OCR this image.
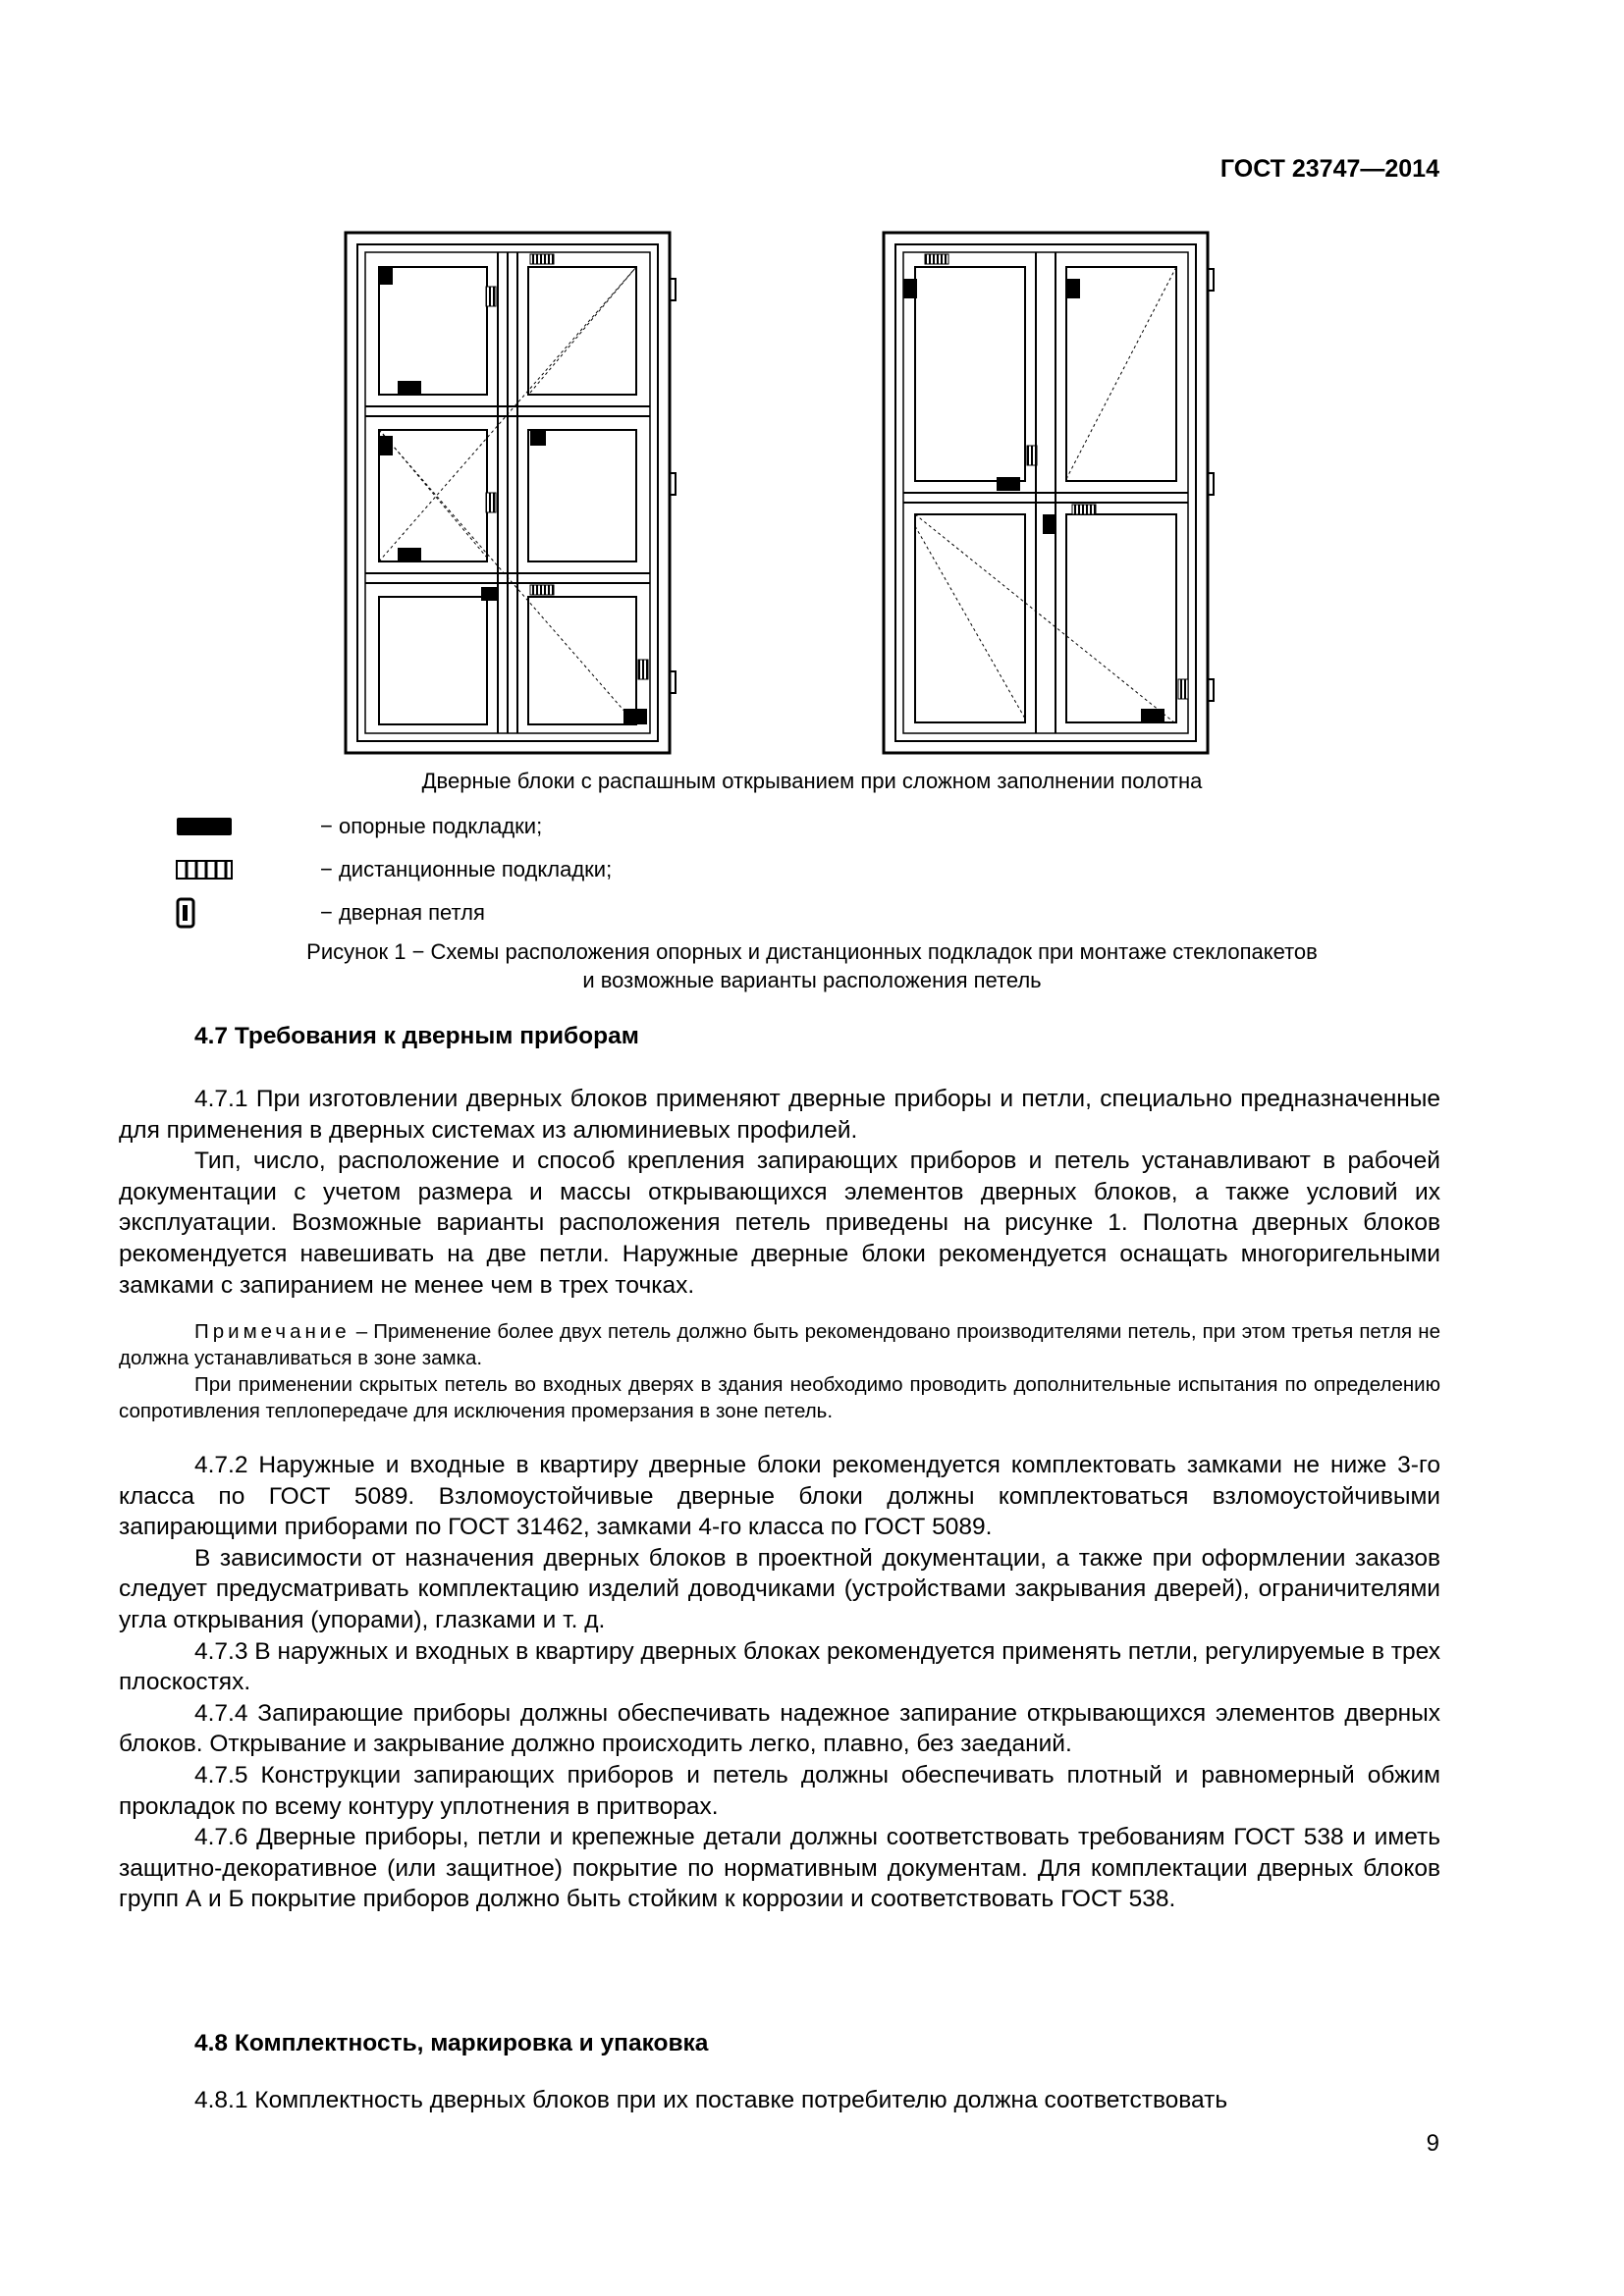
ГОСТ 23747—2014
Дверные блоки с распашным открыванием при сложном заполнении полотна
− опорные подкладки;
− дистанционные подкладки;
− дверная петля
Рисунок 1 − Схемы расположения опорных и дистанционных подкладок при монтаже стеклопакетов
и возможные варианты расположения петель

4.7 Требования к дверным приборам

4.7.1 При изготовлении дверных блоков применяют дверные приборы и петли, специально предназначенные для применения в дверных системах из алюминиевых профилей.

Тип, число, расположение и способ крепления запирающих приборов и петель устанавливают в рабочей документации с учетом размера и массы открывающихся элементов дверных блоков, а также условий их эксплуатации. Возможные варианты расположения петель приведены на рисунке 1. Полотна дверных блоков рекомендуется навешивать на две петли. Наружные дверные блоки рекомендуется оснащать многоригельными замками с запиранием не менее чем в трех точках.

Примечание – Применение более двух петель должно быть рекомендовано производителями петель, при этом третья петля не должна устанавливаться в зоне замка.

При применении скрытых петель во входных дверях в здания необходимо проводить дополнительные испытания по определению сопротивления теплопередаче для исключения промерзания в зоне петель.

4.7.2 Наружные и входные в квартиру дверные блоки рекомендуется комплектовать замками не ниже 3-го класса по ГОСТ 5089. Взломоустойчивые дверные блоки должны комплектоваться взломоустойчивыми запирающими приборами по ГОСТ 31462, замками 4-го класса по ГОСТ 5089.

В зависимости от назначения дверных блоков в проектной документации, а также при оформлении заказов следует предусматривать комплектацию изделий доводчиками (устройствами закрывания дверей), ограничителями угла открывания (упорами), глазками и т. д.

4.7.3 В наружных и входных в квартиру дверных блоках рекомендуется применять петли, регулируемые в трех плоскостях.

4.7.4 Запирающие приборы должны обеспечивать надежное запирание открывающихся элементов дверных блоков. Открывание и закрывание должно происходить легко, плавно, без заеданий.

4.7.5 Конструкции запирающих приборов и петель должны обеспечивать плотный и равномерный обжим прокладок по всему контуру уплотнения в притворах.

4.7.6 Дверные приборы, петли и крепежные детали должны соответствовать требованиям ГОСТ 538 и иметь защитно-декоративное (или защитное) покрытие по нормативным документам. Для комплектации дверных блоков групп А и Б покрытие приборов должно быть стойким к коррозии и соответствовать ГОСТ 538.

4.8 Комплектность, маркировка и упаковка

4.8.1 Комплектность дверных блоков при их поставке потребителю должна соответствовать

9
